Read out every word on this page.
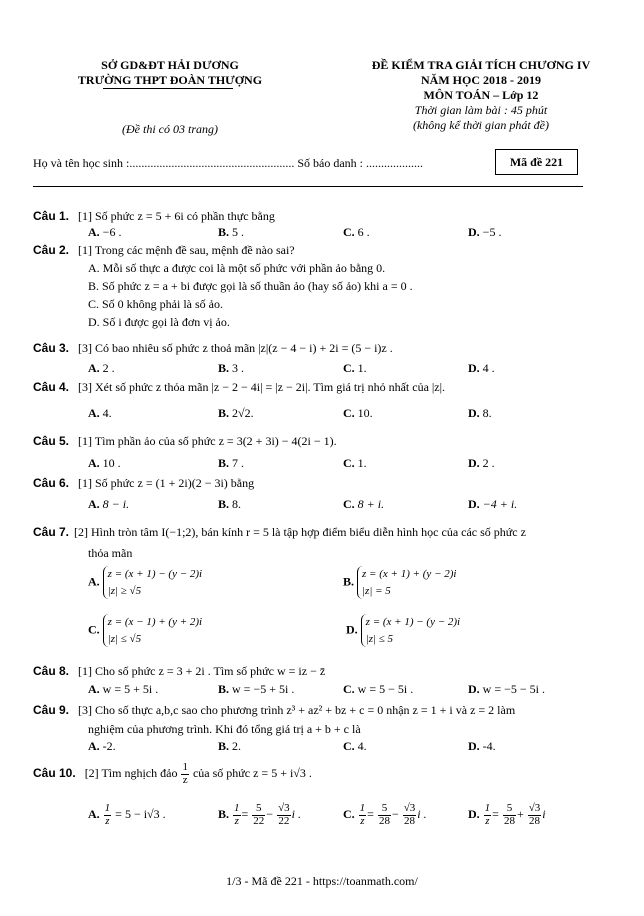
SỞ GD&ĐT HẢI DƯƠNG
TRƯỜNG THPT ĐOÀN THƯỢNG
(Đề thi có 03 trang)
ĐỀ KIỂM TRA GIẢI TÍCH CHƯƠNG IV
NĂM HỌC 2018 - 2019
MÔN TOÁN – Lớp 12
Thời gian làm bài : 45 phút
(không kể thời gian phát đề)
Họ và tên học sinh :....................................................... Số báo danh : ...................	Mã đề 221
Câu 1. [1] Số phức z = 5 + 6i có phần thực bằng
A. −6 .	B. 5 .	C. 6 .	D. −5 .
Câu 2. [1] Trong các mệnh đề sau, mệnh đề nào sai?
A. Mỗi số thực a được coi là một số phức với phần ảo bằng 0.
B. Số phức z = a + bi được gọi là số thuần ảo (hay số ảo) khi a = 0 .
C. Số 0 không phải là số ảo.
D. Số i được gọi là đơn vị ảo.
Câu 3. [3] Có bao nhiêu số phức z thoả mãn |z|(z − 4 − i) + 2i = (5 − i)z .
A. 2 .	B. 3 .	C. 1.	D. 4 .
Câu 4. [3] Xét số phức z thỏa mãn |z − 2 − 4i| = |z − 2i|. Tìm giá trị nhỏ nhất của |z|.
A. 4.	B. 2√2.	C. 10.	D. 8.
Câu 5. [1] Tìm phần ảo của số phức z = 3(2 + 3i) − 4(2i − 1).
A. 10 .	B. 7 .	C. 1.	D. 2 .
Câu 6. [1] Số phức z = (1 + 2i)(2 − 3i) bằng
A. 8 − i.	B. 8.	C. 8 + i.	D. −4 + i.
Câu 7. [2] Hình tròn tâm I(−1;2), bán kính r = 5 là tập hợp điểm biểu diễn hình học của các số phức z
thỏa mãn
A.
z = (x + 1) − (y − 2)i
|z| ≥ √5
B.
z = (x + 1) + (y − 2)i
|z| = 5
C.
z = (x − 1) + (y + 2)i
|z| ≤ √5
D.
z = (x + 1) − (y − 2)i
|z| ≤ 5
Câu 8. [1] Cho số phức z = 3 + 2i . Tìm số phức w = iz − z̄
A. w = 5 + 5i .	B. w = −5 + 5i .	C. w = 5 − 5i .	D. w = −5 − 5i .
Câu 9. [3] Cho số thực a,b,c sao cho phương trình z³ + az² + bz + c = 0 nhận z = 1 + i và z = 2 làm
nghiệm của phương trình. Khi đó tổng giá trị a + b + c là
A. -2.	B. 2.	C. 4.	D. -4.
Câu 10. [2] Tìm nghịch đảo $\frac{1}{z}$ của số phức z = 5 + i√3 .
A. $\frac{1}{z} = 5 - i√3$ .	B. $\frac{1}{z} = \frac{5}{22} - \frac{√3}{22}$ i .	C. $\frac{1}{z} = \frac{5}{28} - \frac{√3}{28}$ i .	D. $\frac{1}{z} = \frac{5}{28} + \frac{√3}{28}$ i
1/3 - Mã đề 221 - https://toanmath.com/
